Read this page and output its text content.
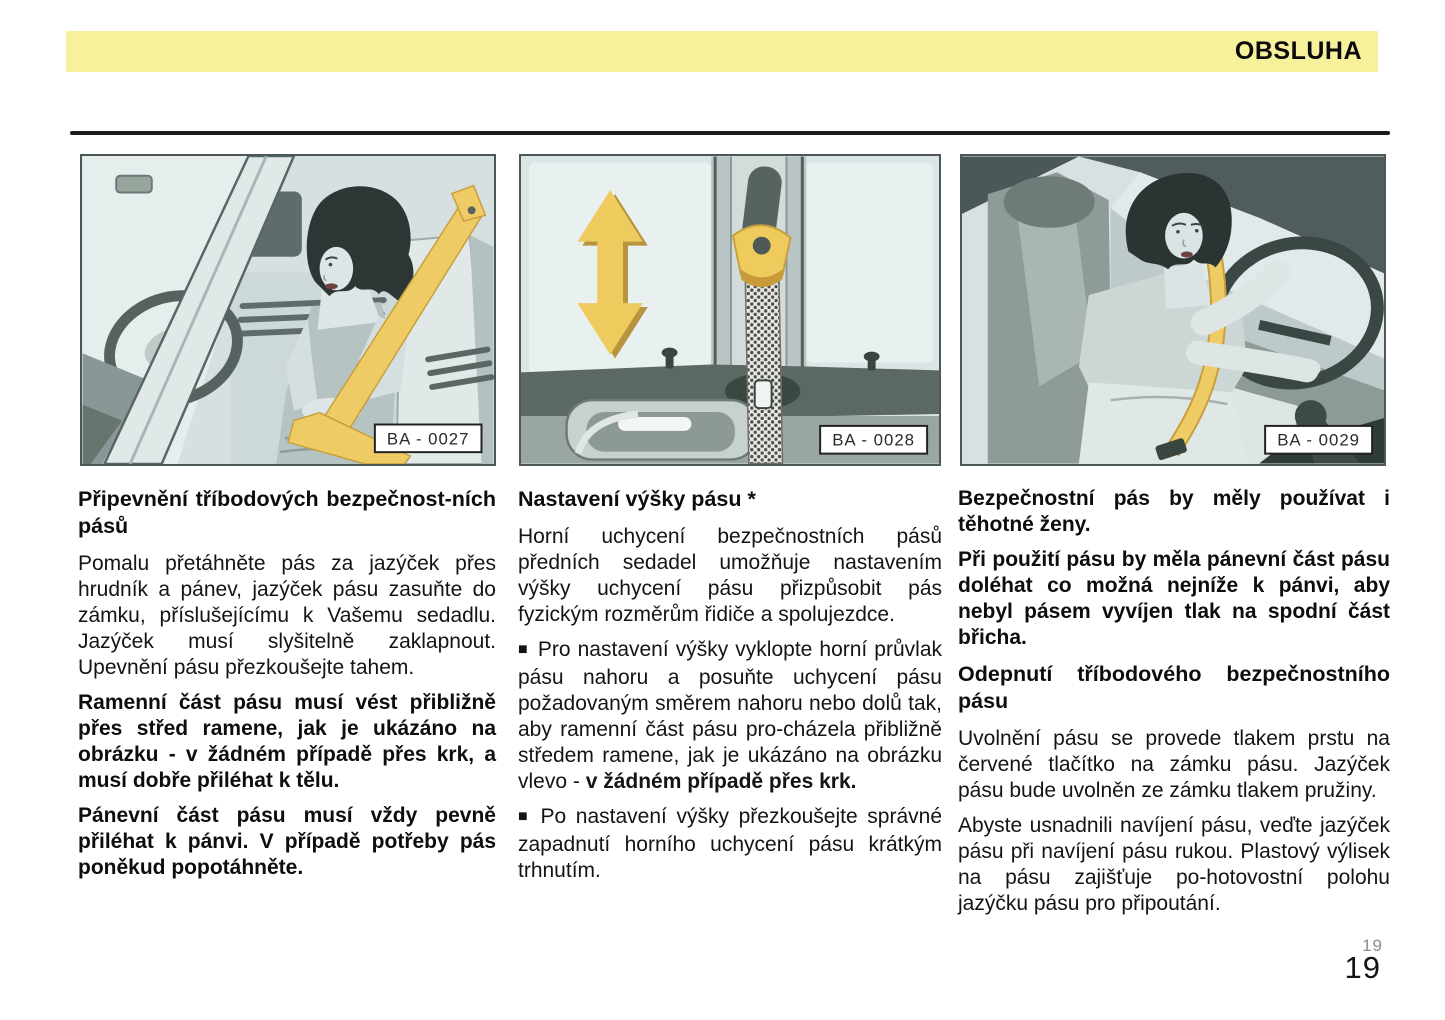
OBSLUHA
BA - 0027	BA - 0028	BA - 0029
Připevnění tříbodových bezpečnost-ních pásů

Pomalu přetáhněte pás za jazýček přes hrudník a pánev, jazýček pásu zasuňte do zámku, příslušejícímu k Vašemu sedadlu. Jazýček musí slyšitelně zaklapnout. Upevnění pásu přezkoušejte tahem.

Ramenní část pásu musí vést přibližně přes střed ramene, jak je ukázáno na obrázku - v žádném případě přes krk, a musí dobře přiléhat k tělu.

Pánevní část pásu musí vždy pevně přiléhat k pánvi. V případě potřeby pás poněkud popotáhněte.

Nastavení výšky pásu *

Horní uchycení bezpečnostních pásů předních sedadel umožňuje nastavením výšky uchycení pásu přizpůsobit pás fyzickým rozměrům řidiče a spolujezdce.

■ Pro nastavení výšky vyklopte horní průvlak pásu nahoru a posuňte uchycení pásu požadovaným směrem nahoru nebo dolů tak, aby ramenní část pásu pro-cházela přibližně středem ramene, jak je ukázáno na obrázku vlevo - v žádném případě přes krk.

■ Po nastavení výšky přezkoušejte správné zapadnutí horního uchycení pásu krátkým trhnutím.

Bezpečnostní pás by měly používat i těhotné ženy.

Při použití pásu by měla pánevní část pásu doléhat co možná nejníže k pánvi, aby nebyl pásem vyvíjen tlak na spodní část břicha.

Odepnutí tříbodového bezpečnostního pásu

Uvolnění pásu se provede tlakem prstu na červené tlačítko na zámku pásu. Jazýček pásu bude uvolněn ze zámku tlakem pružiny.

Abyste usnadnili navíjení pásu, veďte jazýček pásu při navíjení pásu rukou. Plastový výlisek na pásu zajišťuje po-hotovostní polohu jazýčku pásu pro připoutání.

19
19
